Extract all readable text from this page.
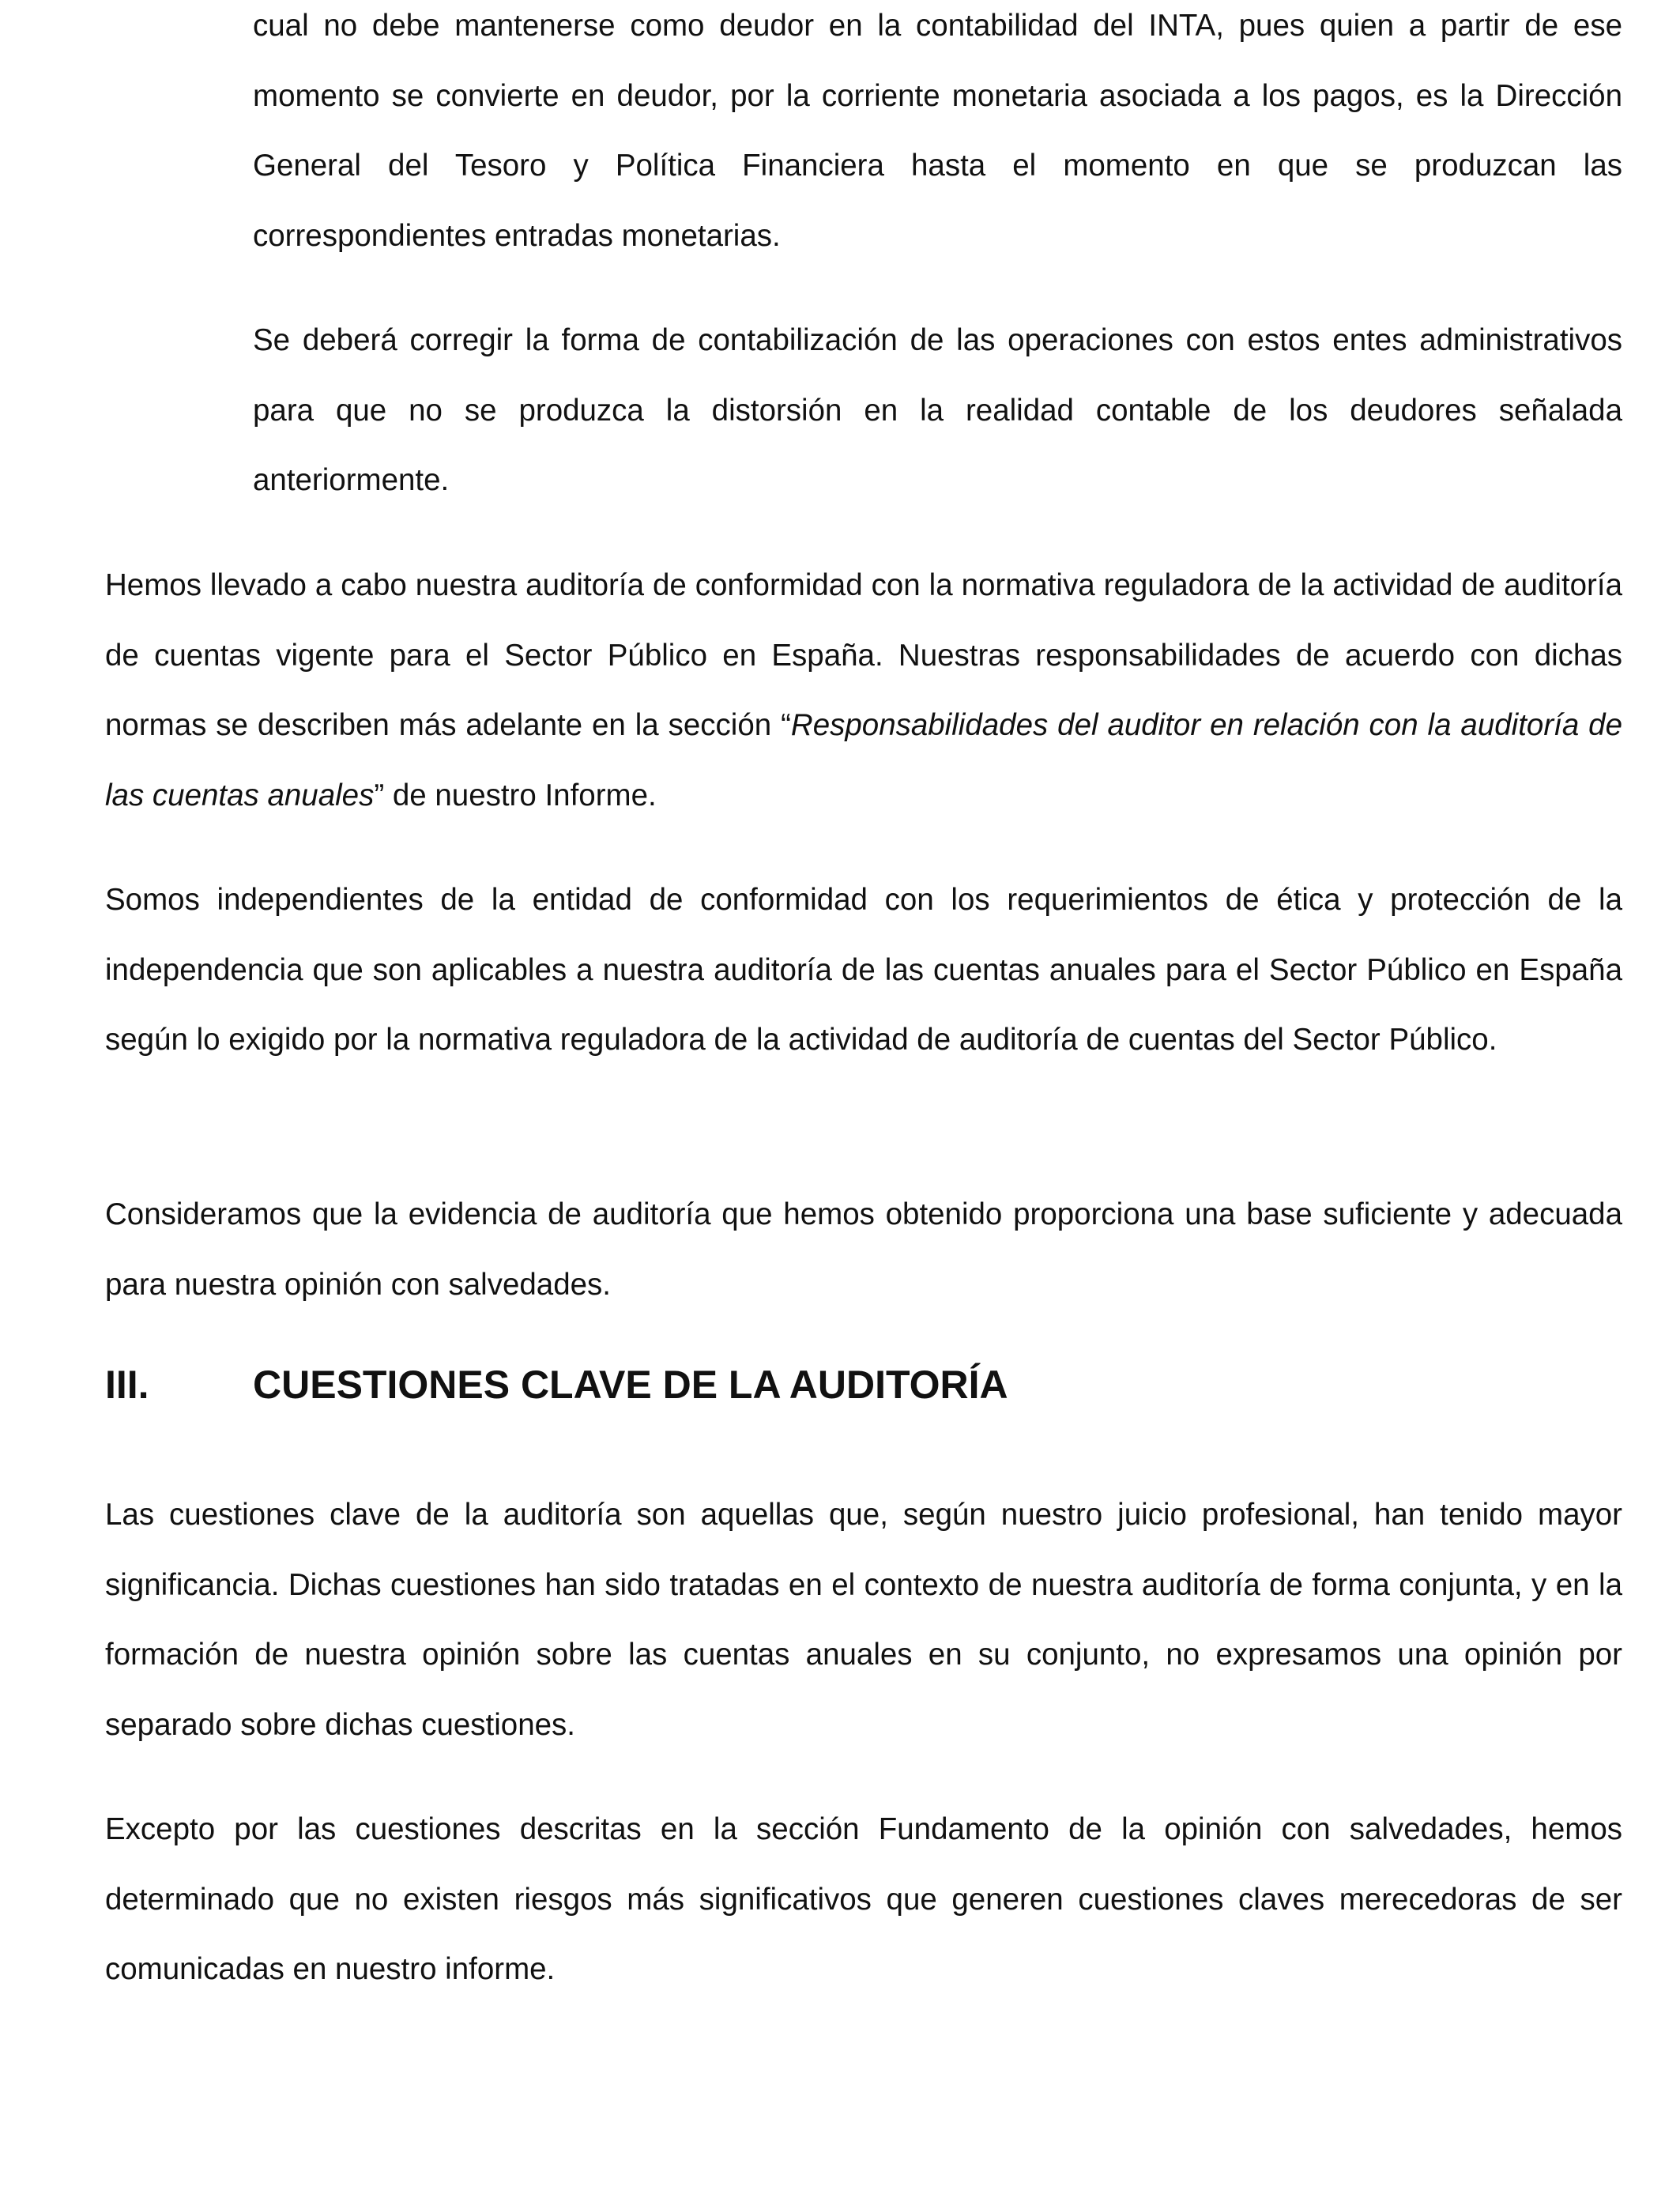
cual no debe mantenerse como deudor en la contabilidad del INTA, pues quien a partir de ese momento se convierte en deudor, por la corriente monetaria asociada a los pagos, es la Dirección General del Tesoro y Política Financiera hasta el momento en que se produzcan las correspondientes entradas monetarias.

Se deberá corregir la forma de contabilización de las operaciones con estos entes administrativos para que no se produzca la distorsión en la realidad contable de los deudores señalada anteriormente.

Hemos llevado a cabo nuestra auditoría de conformidad con la normativa reguladora de la actividad de auditoría de cuentas vigente para el Sector Público en España. Nuestras responsabilidades de acuerdo con dichas normas se describen más adelante en la sección “Responsabilidades del auditor en relación con la auditoría de las cuentas anuales” de nuestro Informe.

Somos independientes de la entidad de conformidad con los requerimientos de ética y protección de la independencia que son aplicables a nuestra auditoría de las cuentas anuales para el Sector Público en España según lo exigido por la normativa reguladora de la actividad de auditoría de cuentas del Sector Público.

Consideramos que la evidencia de auditoría que hemos obtenido proporciona una base suficiente y adecuada para nuestra opinión con salvedades.

III.	CUESTIONES CLAVE DE LA AUDITORÍA

Las cuestiones clave de la auditoría son aquellas que, según nuestro juicio profesional, han tenido mayor significancia. Dichas cuestiones han sido tratadas en el contexto de nuestra auditoría de forma conjunta, y en la formación de nuestra opinión sobre las cuentas anuales en su conjunto, no expresamos una opinión por separado sobre dichas cuestiones.

Excepto por las cuestiones descritas en la sección Fundamento de la opinión con salvedades, hemos determinado que no existen riesgos más significativos que generen cuestiones claves merecedoras de ser comunicadas en nuestro informe.
